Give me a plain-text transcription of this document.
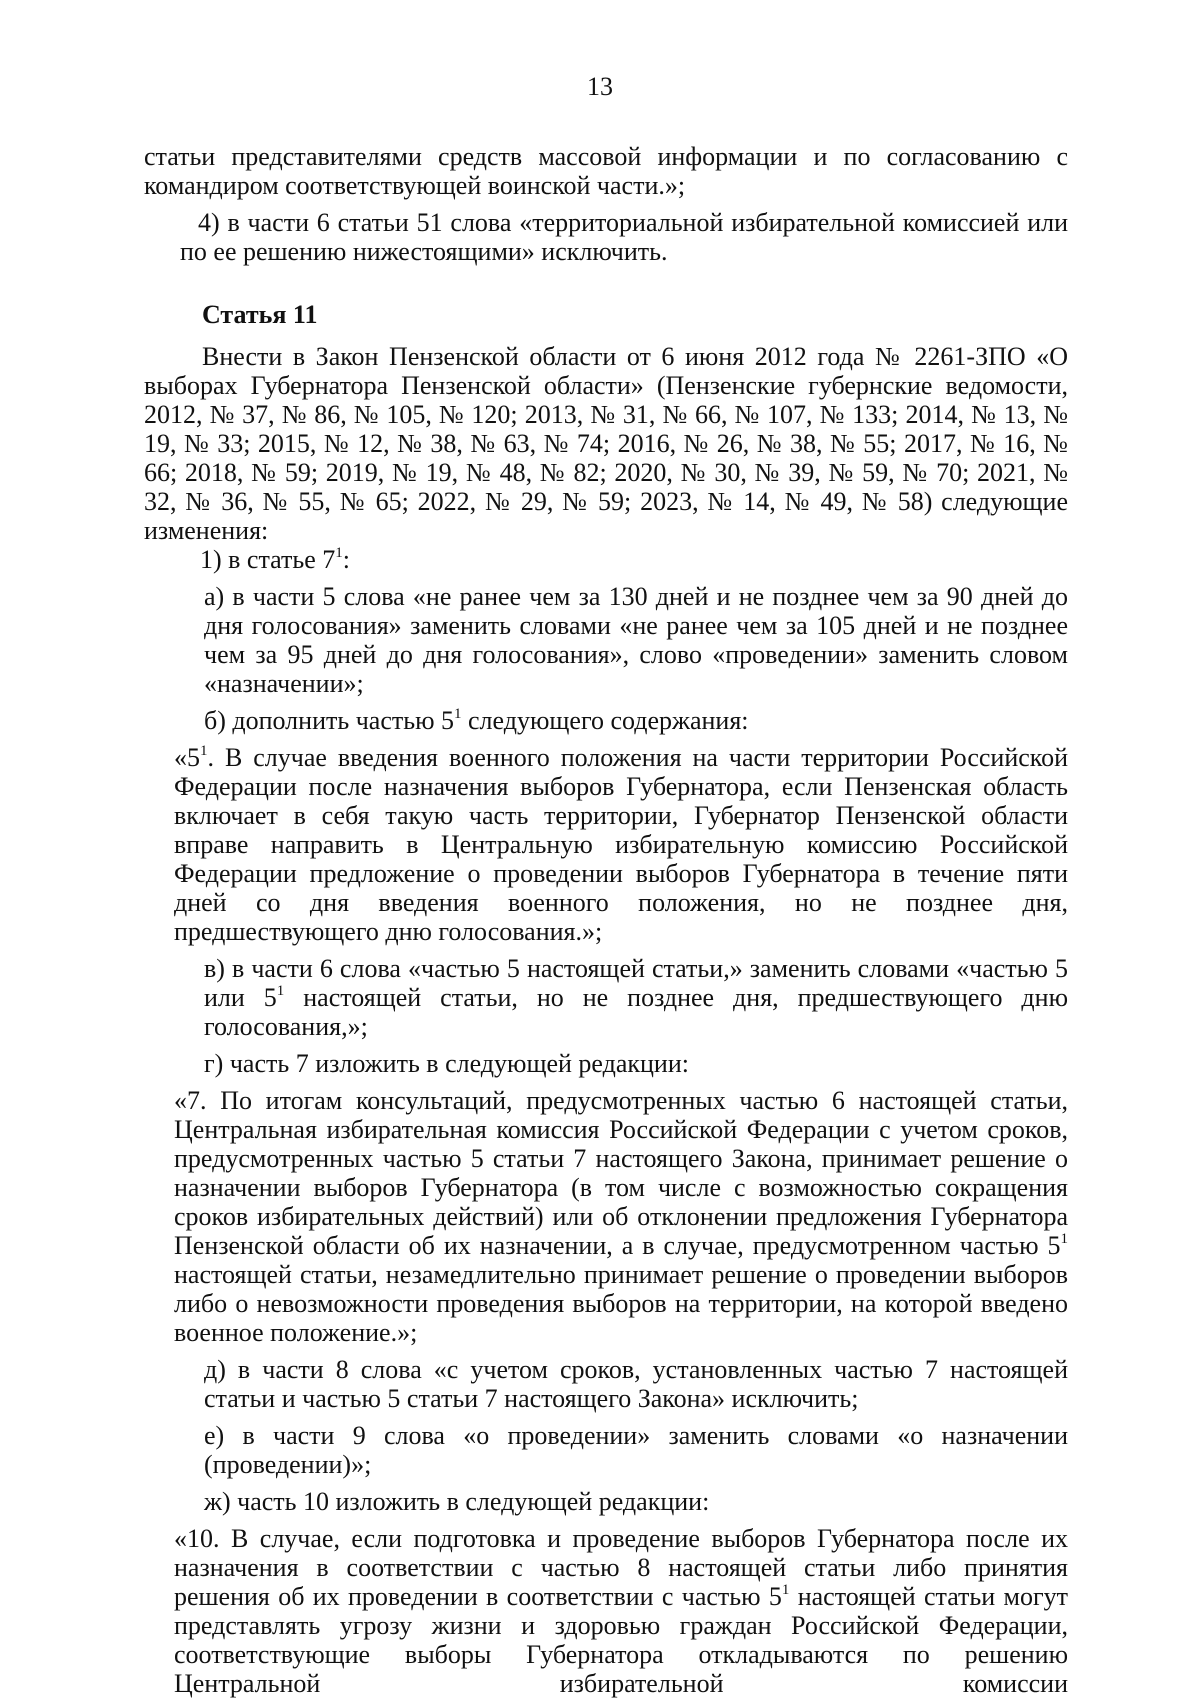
13

статьи представителями средств массовой информации и по согласованию с командиром соответствующей воинской части.»;

4) в части 6 статьи 51 слова «территориальной избирательной комиссией или по ее решению нижестоящими» исключить.

Статья 11

Внести в Закон Пензенской области от 6 июня 2012 года № 2261-ЗПО «О выборах Губернатора Пензенской области» (Пензенские губернские ведомости, 2012, № 37, № 86, № 105, № 120; 2013, № 31, № 66, № 107, № 133; 2014, № 13, № 19, № 33; 2015, № 12, № 38, № 63, № 74; 2016, № 26, № 38, № 55; 2017, № 16, № 66; 2018, № 59; 2019, № 19, № 48, № 82; 2020, № 30, № 39, № 59, № 70; 2021, № 32, № 36, № 55, № 65; 2022, № 29, № 59; 2023, № 14, № 49, № 58) следующие изменения:

1) в статье $7^1$:

а) в части 5 слова «не ранее чем за 130 дней и не позднее чем за 90 дней до дня голосования» заменить словами «не ранее чем за 105 дней и не позднее чем за 95 дней до дня голосования», слово «проведении» заменить словом «назначении»;

б) дополнить частью $5^1$ следующего содержания:

«$5^1$. В случае введения военного положения на части территории Российской Федерации после назначения выборов Губернатора, если Пензенская область включает в себя такую часть территории, Губернатор Пензенской области вправе направить в Центральную избирательную комиссию Российской Федерации предложение о проведении выборов Губернатора в течение пяти дней со дня введения военного положения, но не позднее дня, предшествующего дню голосования.»;

в) в части 6 слова «частью 5 настоящей статьи,» заменить словами «частью 5 или $5^1$ настоящей статьи, но не позднее дня, предшествующего дню голосования,»;

г) часть 7 изложить в следующей редакции:

«7. По итогам консультаций, предусмотренных частью 6 настоящей статьи, Центральная избирательная комиссия Российской Федерации с учетом сроков, предусмотренных частью 5 статьи 7 настоящего Закона, принимает решение о назначении выборов Губернатора (в том числе с возможностью сокращения сроков избирательных действий) или об отклонении предложения Губернатора Пензенской области об их назначении, а в случае, предусмотренном частью $5^1$ настоящей статьи, незамедлительно принимает решение о проведении выборов либо о невозможности проведения выборов на территории, на которой введено военное положение.»;

д) в части 8 слова «с учетом сроков, установленных частью 7 настоящей статьи и частью 5 статьи 7 настоящего Закона» исключить;

е) в части 9 слова «о проведении» заменить словами «о назначении (проведении)»;

ж) часть 10 изложить в следующей редакции:

«10. В случае, если подготовка и проведение выборов Губернатора после их назначения в соответствии с частью 8 настоящей статьи либо принятия решения об их проведении в соответствии с частью $5^1$ настоящей статьи могут представлять угрозу жизни и здоровью граждан Российской Федерации, соответствующие выборы Губернатора откладываются по решению Центральной избирательной комиссии
